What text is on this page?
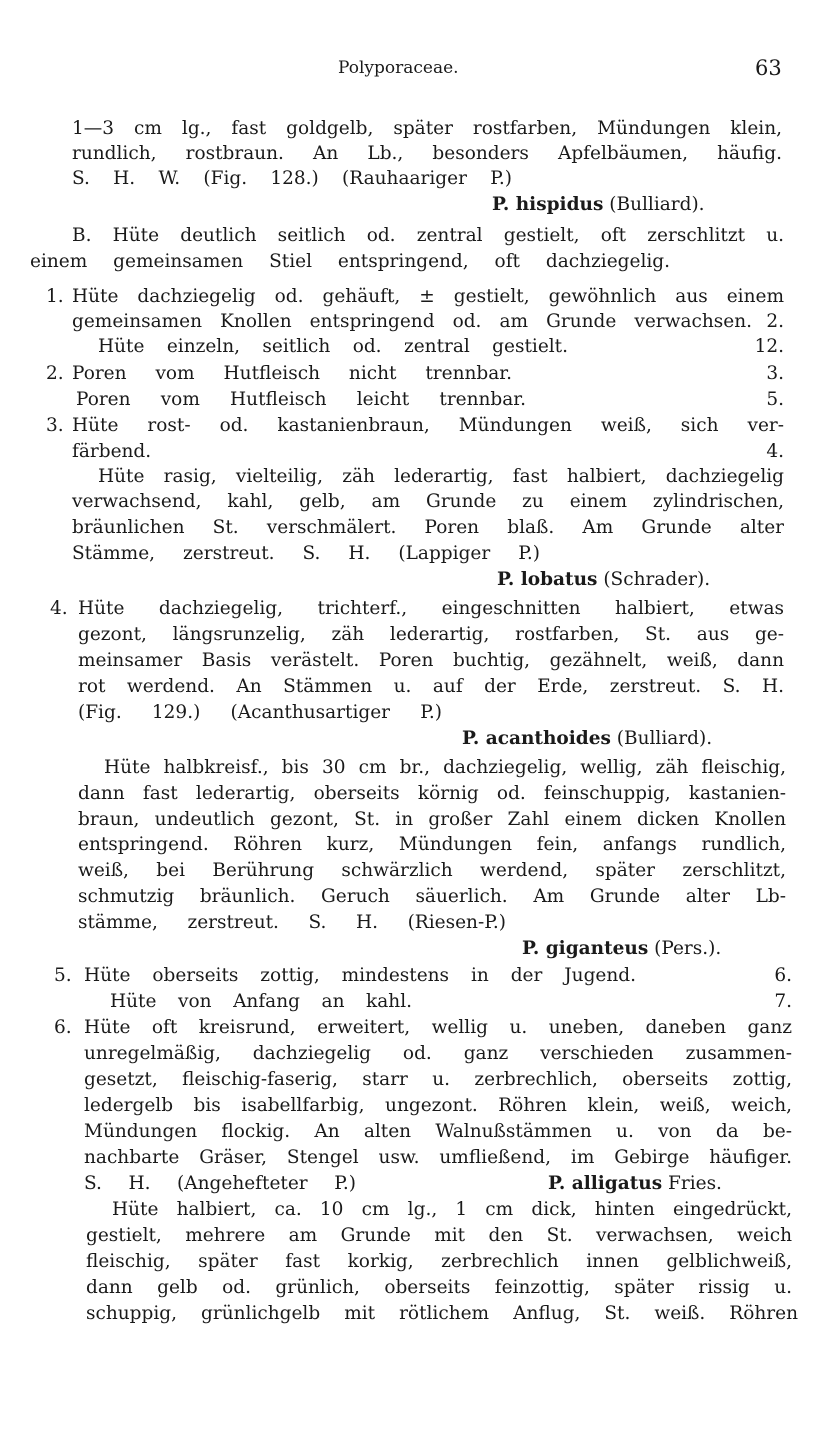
Polyporaceae.	63
1—3 cm lg., fast goldgelb, später rostfarben, Mündungen klein,
rundlich, rostbraun. An Lb., besonders Apfelbäumen, häufig.
S. H. W. (Fig. 128.) (Rauhaariger P.)
B. Hüte deutlich seitlich od. zentral gestielt, oft zerschlitzt u.
einem gemeinsamen Stiel entspringend, oft dachziegelig.
Hüte dachziegelig od. gehäuft, ± gestielt, gewöhnlich aus einem
gemeinsamen Knollen entspringend od. am Grunde verwachsen.
Hüte einzeln, seitlich od. zentral gestielt.
Poren vom Hutfleisch nicht trennbar.
Poren vom Hutfleisch leicht trennbar.
Hüte rost- od. kastanienbraun, Mündungen weiß, sich ver-
färbend.
Hüte rasig, vielteilig, zäh lederartig, fast halbiert, dachziegelig
verwachsend, kahl, gelb, am Grunde zu einem zylindrischen,
bräunlichen St. verschmälert. Poren blaß. Am Grunde alter
Stämme, zerstreut. S. H. (Lappiger P.)
Hüte dachziegelig, trichterf., eingeschnitten halbiert, etwas
gezont, längsrunzelig, zäh lederartig, rostfarben, St. aus ge-
meinsamer Basis verästelt. Poren buchtig, gezähnelt, weiß, dann
rot werdend. An Stämmen u. auf der Erde, zerstreut. S. H.
(Fig. 129.) (Acanthusartiger P.)
Hüte halbkreisf., bis 30 cm br., dachziegelig, wellig, zäh fleischig,
dann fast lederartig, oberseits körnig od. feinschuppig, kastanien-
braun, undeutlich gezont, St. in großer Zahl einem dicken Knollen
entspringend. Röhren kurz, Mündungen fein, anfangs rundlich,
weiß, bei Berührung schwärzlich werdend, später zerschlitzt,
schmutzig bräunlich. Geruch säuerlich. Am Grunde alter Lb-
stämme, zerstreut. S. H. (Riesen-P.)
Hüte oberseits zottig, mindestens in der Jugend.
Hüte von Anfang an kahl.
Hüte oft kreisrund, erweitert, wellig u. uneben, daneben ganz
unregelmäßig, dachziegelig od. ganz verschieden zusammen-
gesetzt, fleischig-faserig, starr u. zerbrechlich, oberseits zottig,
ledergelb bis isabellfarbig, ungezont. Röhren klein, weiß, weich,
Mündungen flockig. An alten Walnußstämmen u. von da be-
nachbarte Gräser, Stengel usw. umfließend, im Gebirge häufiger.
S. H. (Angehefteter P.)
Hüte halbiert, ca. 10 cm lg., 1 cm dick, hinten eingedrückt,
gestielt, mehrere am Grunde mit den St. verwachsen, weich
fleischig, später fast korkig, zerbrechlich innen gelblichweiß,
dann gelb od. grünlich, oberseits feinzottig, später rissig u.
schuppig, grünlichgelb mit rötlichem Anflug, St. weiß. Röhren
1.
2.
3.
4.
5.
6.
2.
12.
3.
5.
4.
6.
7.
P. hispidus (Bulliard).
P. lobatus (Schrader).
P. acanthoides (Bulliard).
P. giganteus (Pers.).
P. alligatus Fries.
